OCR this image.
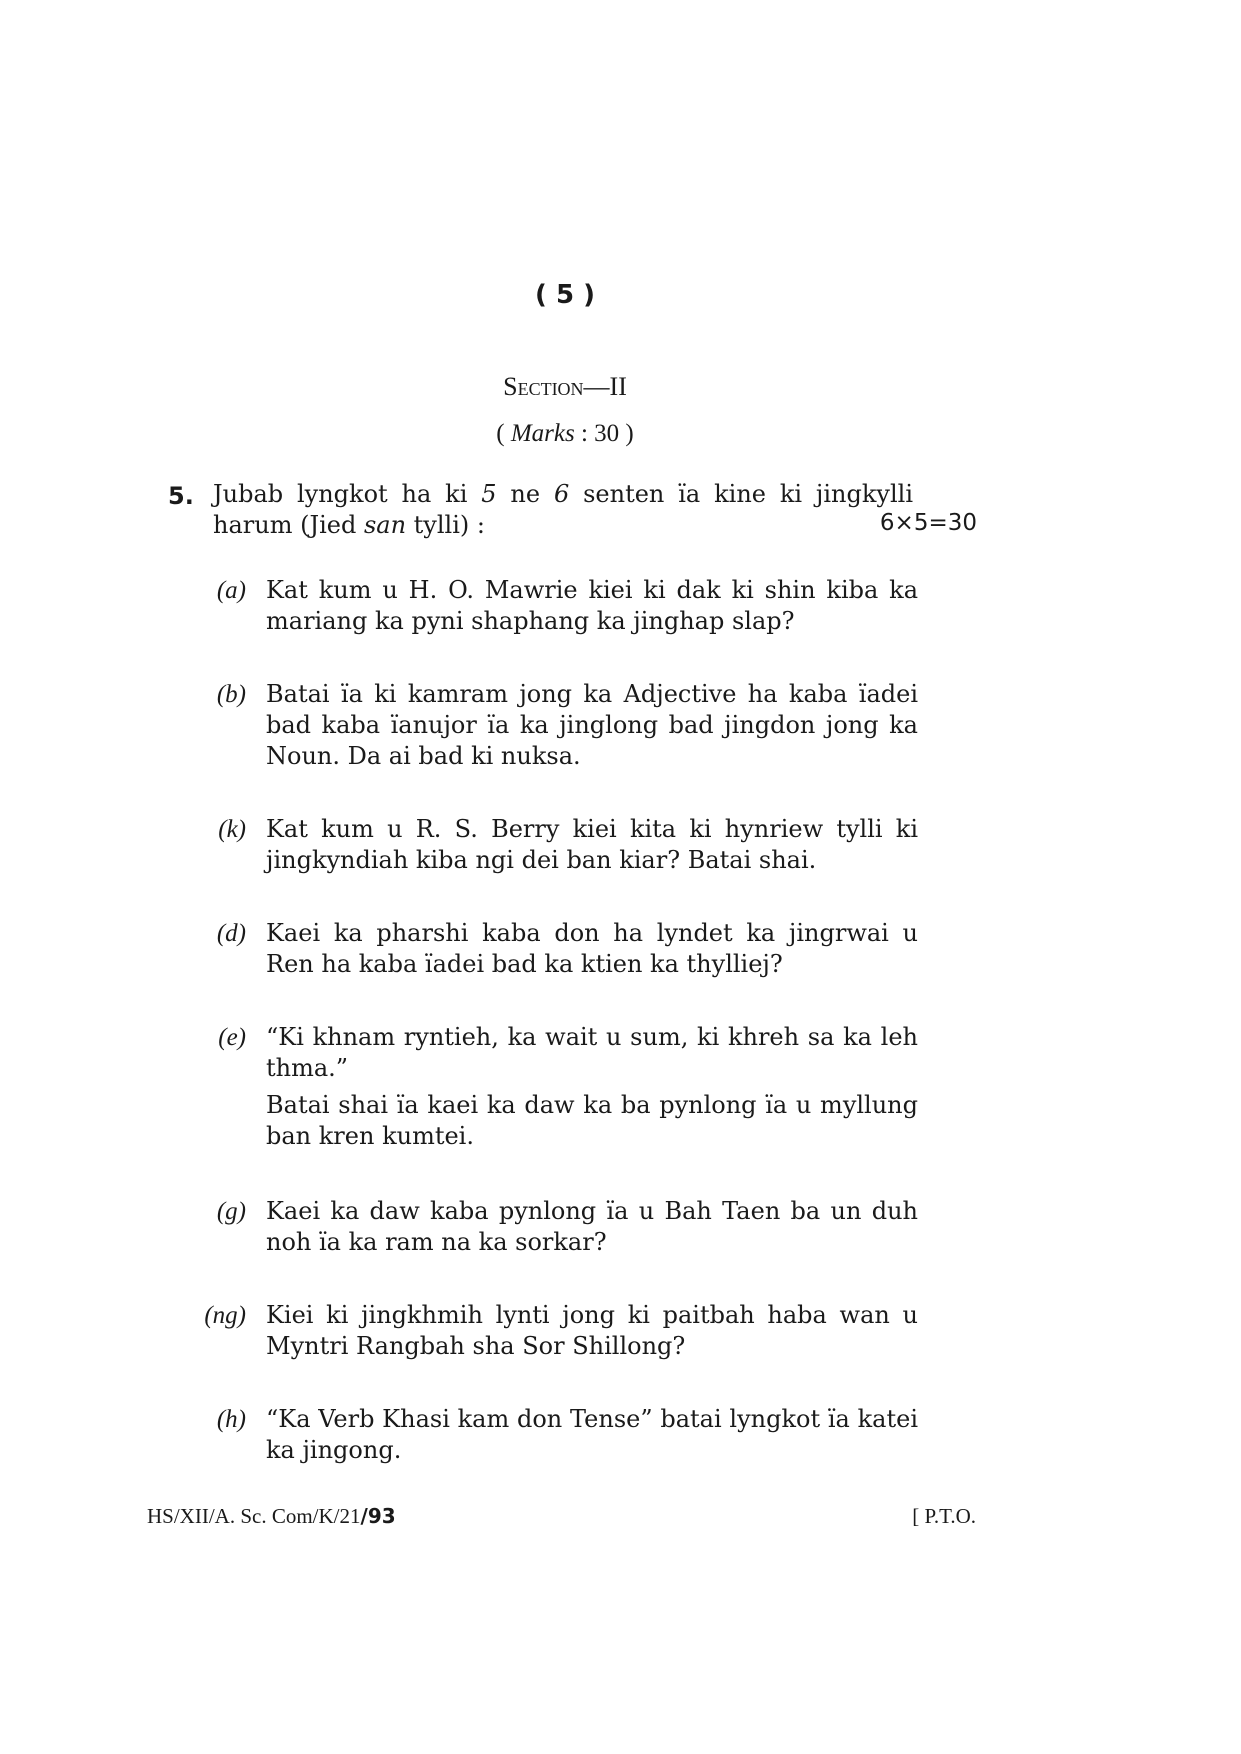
( 5 )
Section—II
( Marks : 30 )
5. Jubab lyngkot ha ki 5 ne 6 senten ïa kine ki jingkylli harum (Jied san tylli) :	6×5=30
(a) Kat kum u H. O. Mawrie kiei ki dak ki shin kiba ka mariang ka pyni shaphang ka jinghap slap?
(b) Batai ïa ki kamram jong ka Adjective ha kaba ïadei bad kaba ïanujor ïa ka jinglong bad jingdon jong ka Noun. Da ai bad ki nuksa.
(k) Kat kum u R. S. Berry kiei kita ki hynriew tylli ki jingkyndiah kiba ngi dei ban kiar? Batai shai.
(d) Kaei ka pharshi kaba don ha lyndet ka jingrwai u Ren ha kaba ïadei bad ka ktien ka thylliej?
(e) “Ki khnam ryntieh, ka wait u sum, ki khreh sa ka leh thma.”

Batai shai ïa kaei ka daw ka ba pynlong ïa u myllung ban kren kumtei.

(g) Kaei ka daw kaba pynlong ïa u Bah Taen ba un duh noh ïa ka ram na ka sorkar?
(ng) Kiei ki jingkhmih lynti jong ki paitbah haba wan u Myntri Rangbah sha Sor Shillong?
(h) “Ka Verb Khasi kam don Tense” batai lyngkot ïa katei ka jingong.
HS/XII/A. Sc. Com/K/21/93	[ P.T.O.
